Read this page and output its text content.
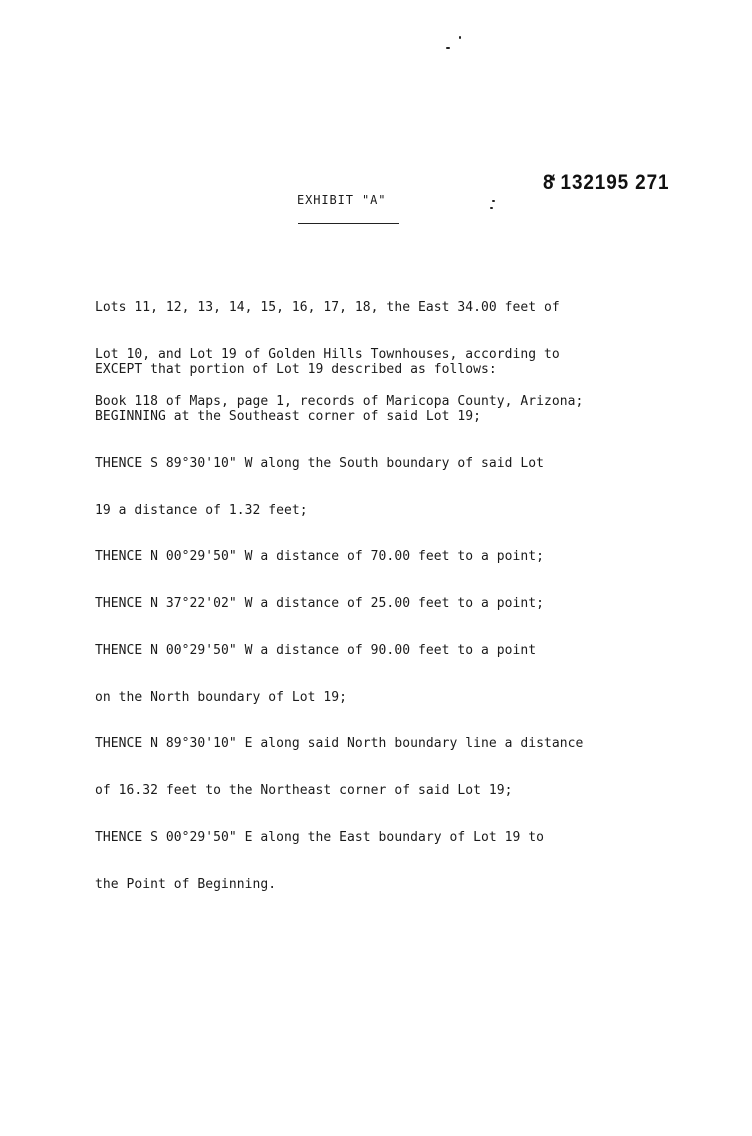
8̒ 132195 271
EXHIBIT "A"

Lots 11, 12, 13, 14, 15, 16, 17, 18, the East 34.00 feet of

Lot 10, and Lot 19 of Golden Hills Townhouses, according to

Book 118 of Maps, page 1, records of Maricopa County, Arizona;

EXCEPT that portion of Lot 19 described as follows:

BEGINNING at the Southeast corner of said Lot 19;

THENCE S 89°30'10" W along the South boundary of said Lot

19 a distance of 1.32 feet;

THENCE N 00°29'50" W a distance of 70.00 feet to a point;

THENCE N 37°22'02" W a distance of 25.00 feet to a point;

THENCE N 00°29'50" W a distance of 90.00 feet to a point

on the North boundary of Lot 19;

THENCE N 89°30'10" E along said North boundary line a distance

of 16.32 feet to the Northeast corner of said Lot 19;

THENCE S 00°29'50" E along the East boundary of Lot 19 to

the Point of Beginning.
